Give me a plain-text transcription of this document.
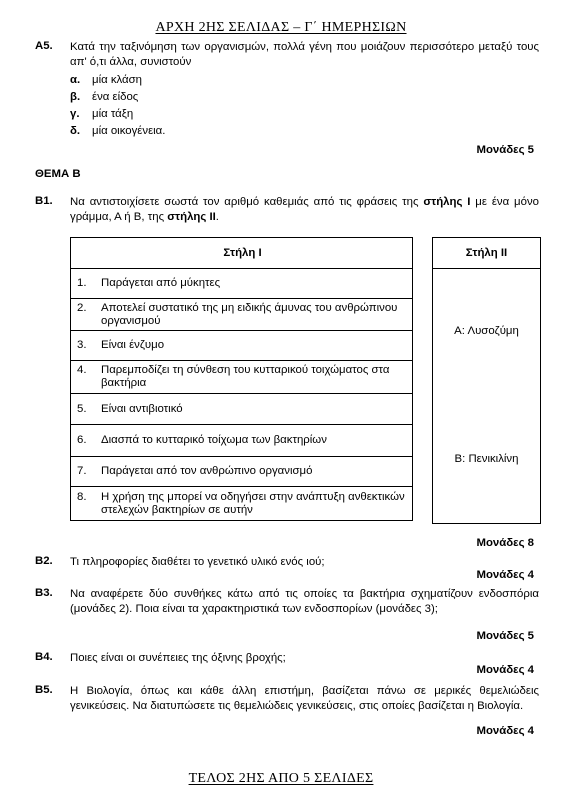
ΑΡΧΗ 2ΗΣ ΣΕΛΙΔΑΣ – Γ΄ ΗΜΕΡΗΣΙΩΝ
Α5. Κατά την ταξινόμηση των οργανισμών, πολλά γένη που μοιάζουν περισσότερο μεταξύ τους απ' ό,τι άλλα, συνιστούν
α. μία κλάση
β. ένα είδος
γ. μία τάξη
δ. μία οικογένεια.
Μονάδες 5
ΘΕΜΑ Β
Β1. Να αντιστοιχίσετε σωστά τον αριθμό καθεμιάς από τις φράσεις της στήλης Ι με ένα μόνο γράμμα, Α ή Β, της στήλης ΙΙ.
Στήλη Ι
1. Παράγεται από μύκητες

2.	Αποτελεί συστατικό της μη ειδικής άμυνας του ανθρώπινου οργανισμού

3. Είναι ένζυμο

4.	Παρεμποδίζει τη σύνθεση του κυτταρικού τοιχώματος στα βακτήρια

5. Είναι αντιβιοτικό
6. Διασπά το κυτταρικό τοίχωμα των βακτηρίων
7. Παράγεται από τον ανθρώπινο οργανισμό

8.	Η χρήση της μπορεί να οδηγήσει στην ανάπτυξη ανθεκτικών στελεχών βακτηρίων σε αυτήν
Στήλη ΙΙ
Α: Λυσοζύμη
Β: Πενικιλίνη
Μονάδες 8
Β2. Τι πληροφορίες διαθέτει το γενετικό υλικό ενός ιού;
Μονάδες 4
Β3. Να αναφέρετε δύο συνθήκες κάτω από τις οποίες τα βακτήρια σχηματίζουν ενδοσπόρια (μονάδες 2). Ποια είναι τα χαρακτηριστικά των ενδοσπορίων (μονάδες 3);
Μονάδες 5
Β4. Ποιες είναι οι συνέπειες της όξινης βροχής;
Μονάδες 4
Β5. Η Βιολογία, όπως και κάθε άλλη επιστήμη, βασίζεται πάνω σε μερικές θεμελιώδεις γενικεύσεις. Να διατυπώσετε τις θεμελιώδεις γενικεύσεις, στις οποίες βασίζεται η Βιολογία.
Μονάδες 4
ΤΕΛΟΣ 2ΗΣ ΑΠΟ 5 ΣΕΛΙΔΕΣ
